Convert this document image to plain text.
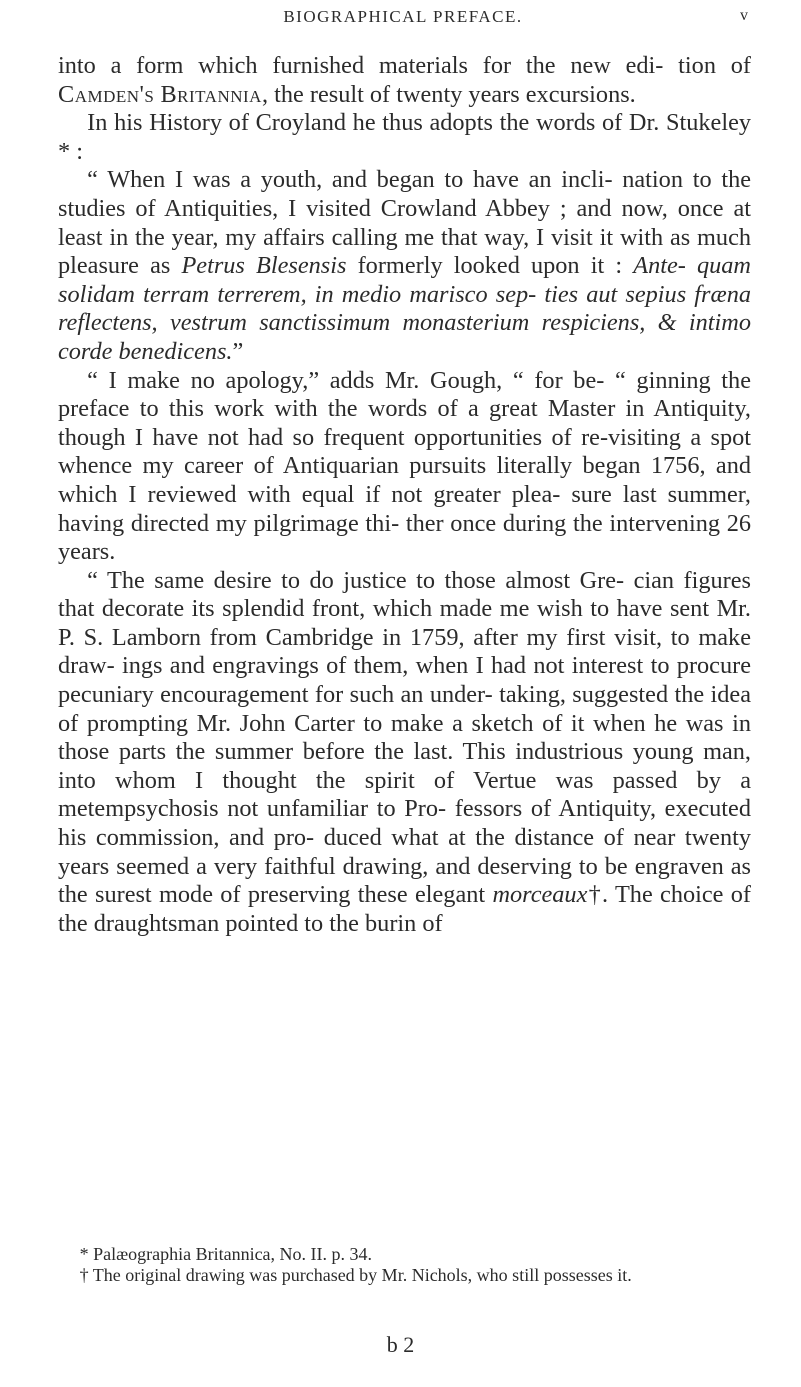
BIOGRAPHICAL PREFACE.	v

into a form which furnished materials for the new edi- tion of Camden's Britannia, the result of twenty years excursions.

In his History of Croyland he thus adopts the words of Dr. Stukeley * :

“ When I was a youth, and began to have an incli- nation to the studies of Antiquities, I visited Crowland Abbey ; and now, once at least in the year, my affairs calling me that way, I visit it with as much pleasure as Petrus Blesensis formerly looked upon it : Ante- quam solidam terram terrerem, in medio marisco sep- ties aut sepius fræna reflectens, vestrum sanctissimum monasterium respiciens, & intimo corde benedicens.”

“ I make no apology,” adds Mr. Gough, “ for be- “ ginning the preface to this work with the words of a great Master in Antiquity, though I have not had so frequent opportunities of re-visiting a spot whence my career of Antiquarian pursuits literally began 1756, and which I reviewed with equal if not greater plea- sure last summer, having directed my pilgrimage thi- ther once during the intervening 26 years.

“ The same desire to do justice to those almost Gre- cian figures that decorate its splendid front, which made me wish to have sent Mr. P. S. Lamborn from Cambridge in 1759, after my first visit, to make draw- ings and engravings of them, when I had not interest to procure pecuniary encouragement for such an under- taking, suggested the idea of prompting Mr. John Carter to make a sketch of it when he was in those parts the summer before the last. This industrious young man, into whom I thought the spirit of Vertue was passed by a metempsychosis not unfamiliar to Pro- fessors of Antiquity, executed his commission, and pro- duced what at the distance of near twenty years seemed a very faithful drawing, and deserving to be engraven as the surest mode of preserving these elegant morceaux†. The choice of the draughtsman pointed to the burin of

* Palæographia Britannica, No. II. p. 34.

† The original drawing was purchased by Mr. Nichols, who still possesses it.

b 2
